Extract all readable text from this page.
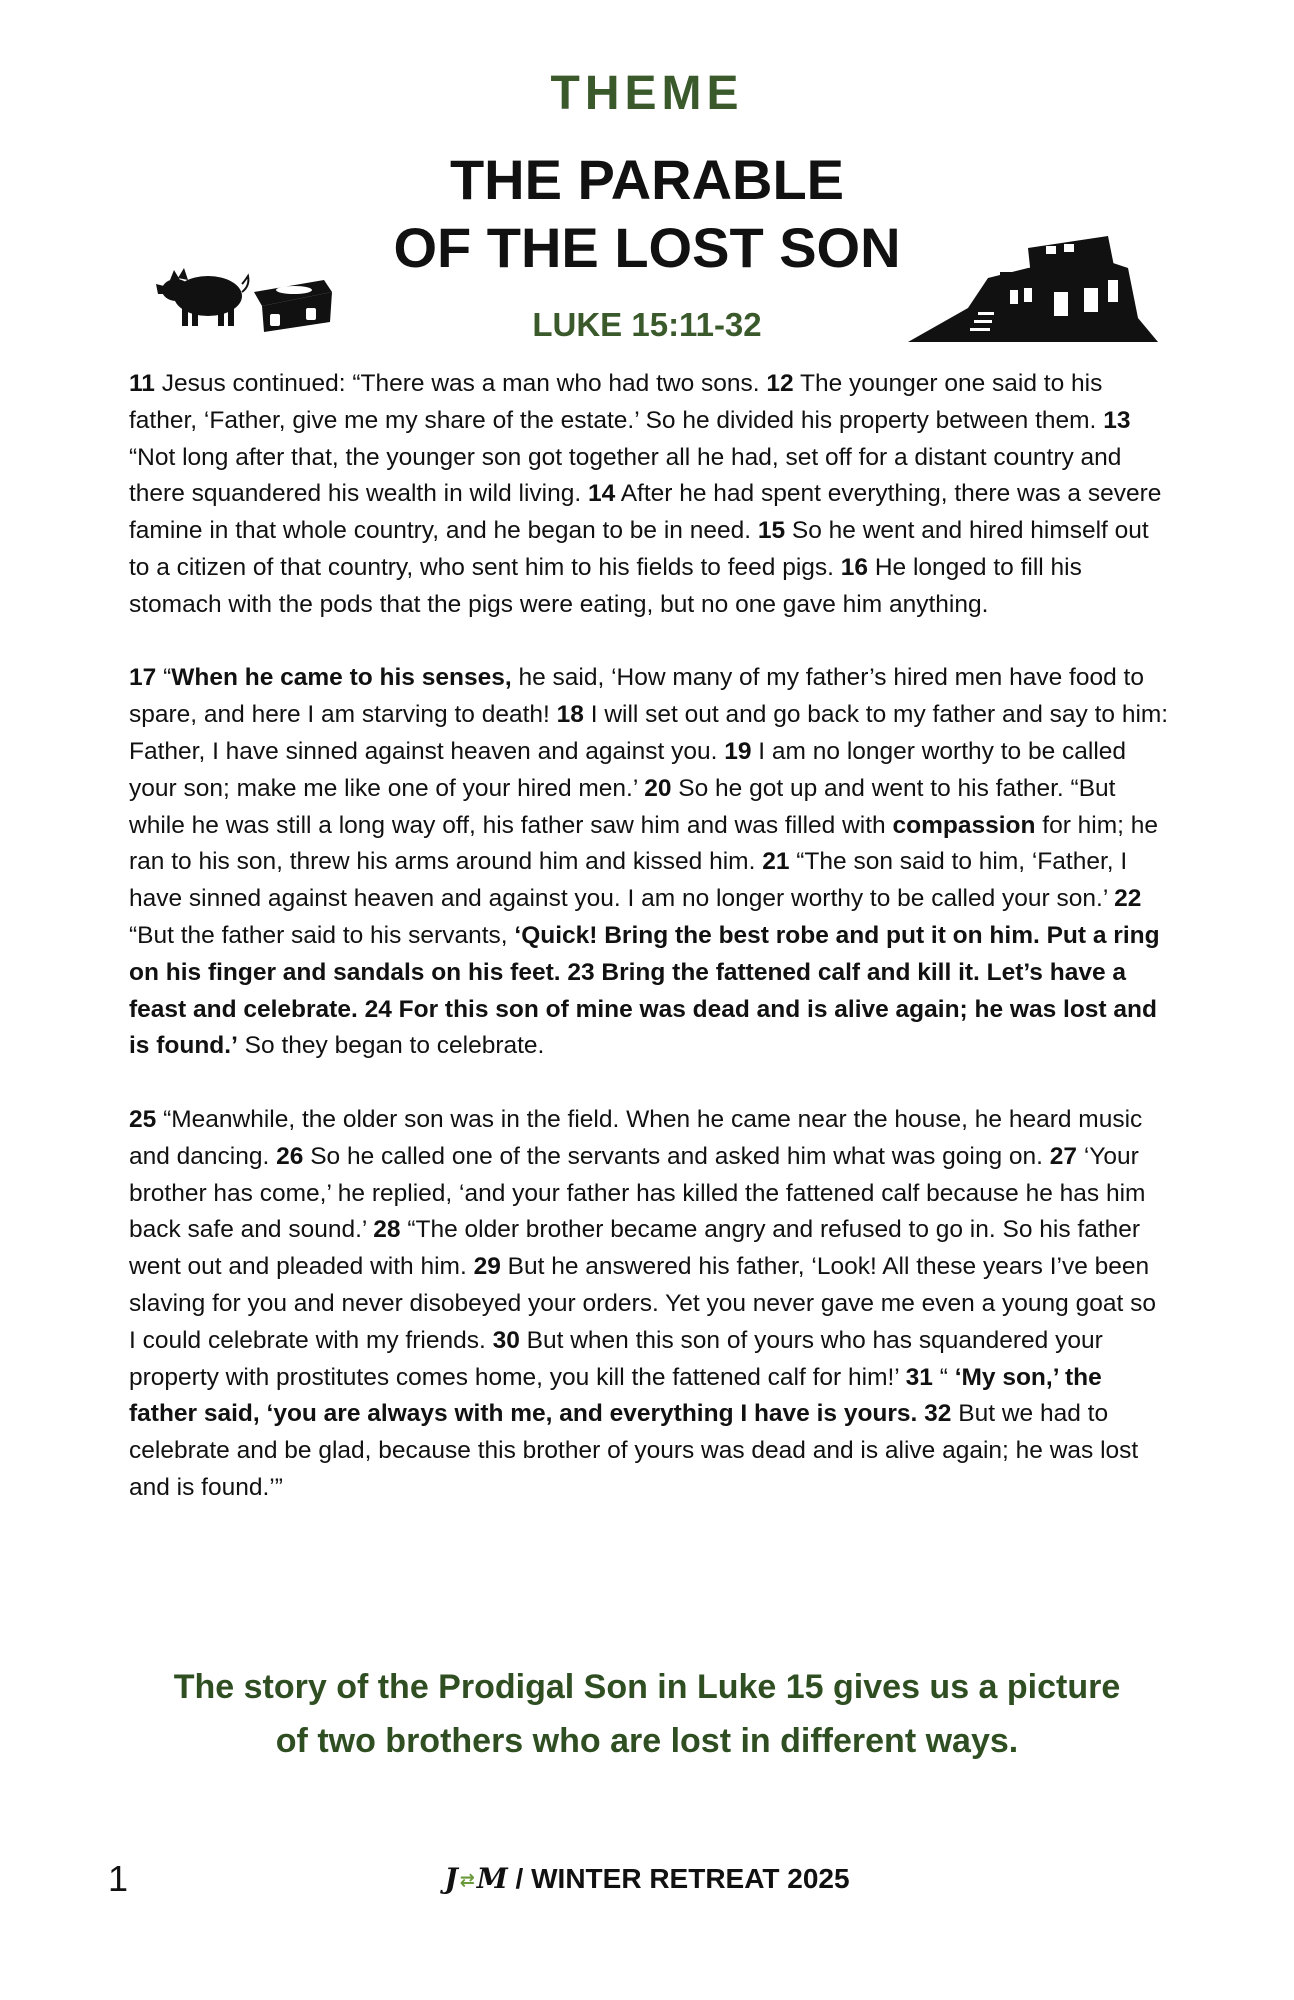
THEME
THE PARABLE
OF THE LOST SON
LUKE 15:11-32

11 Jesus continued: “There was a man who had two sons. 12 The younger one said to his father, ‘Father, give me my share of the estate.’ So he divided his property between them. 13 “Not long after that, the younger son got together all he had, set off for a distant country and there squandered his wealth in wild living. 14 After he had spent everything, there was a severe famine in that whole country, and he began to be in need. 15 So he went and hired himself out to a citizen of that country, who sent him to his fields to feed pigs. 16 He longed to fill his stomach with the pods that the pigs were eating, but no one gave him anything.

17 “When he came to his senses, he said, ‘How many of my father’s hired men have food to spare, and here I am starving to death! 18 I will set out and go back to my father and say to him: Father, I have sinned against heaven and against you. 19 I am no longer worthy to be called your son; make me like one of your hired men.’ 20 So he got up and went to his father. “But while he was still a long way off, his father saw him and was filled with compassion for him; he ran to his son, threw his arms around him and kissed him. 21 “The son said to him, ‘Father, I have sinned against heaven and against you. I am no longer worthy to be called your son.’ 22 “But the father said to his servants, ‘Quick! Bring the best robe and put it on him. Put a ring on his finger and sandals on his feet. 23 Bring the fattened calf and kill it. Let’s have a feast and celebrate. 24 For this son of mine was dead and is alive again; he was lost and is found.’ So they began to celebrate.

25 “Meanwhile, the older son was in the field. When he came near the house, he heard music and dancing. 26 So he called one of the servants and asked him what was going on. 27 ‘Your brother has come,’ he replied, ‘and your father has killed the fattened calf because he has him back safe and sound.’ 28 “The older brother became angry and refused to go in. So his father went out and pleaded with him. 29 But he answered his father, ‘Look! All these years I’ve been slaving for you and never disobeyed your orders. Yet you never gave me even a young goat so I could celebrate with my friends. 30 But when this son of yours who has squandered your property with prostitutes comes home, you kill the fattened calf for him!’ 31 “ ‘My son,’ the father said, ‘you are always with me, and everything I have is yours. 32 But we had to celebrate and be glad, because this brother of yours was dead and is alive again; he was lost and is found.’”

The story of the Prodigal Son in Luke 15 gives us a picture
of two brothers who are lost in different ways.
1	J ⇄M / WINTER RETREAT 2025
